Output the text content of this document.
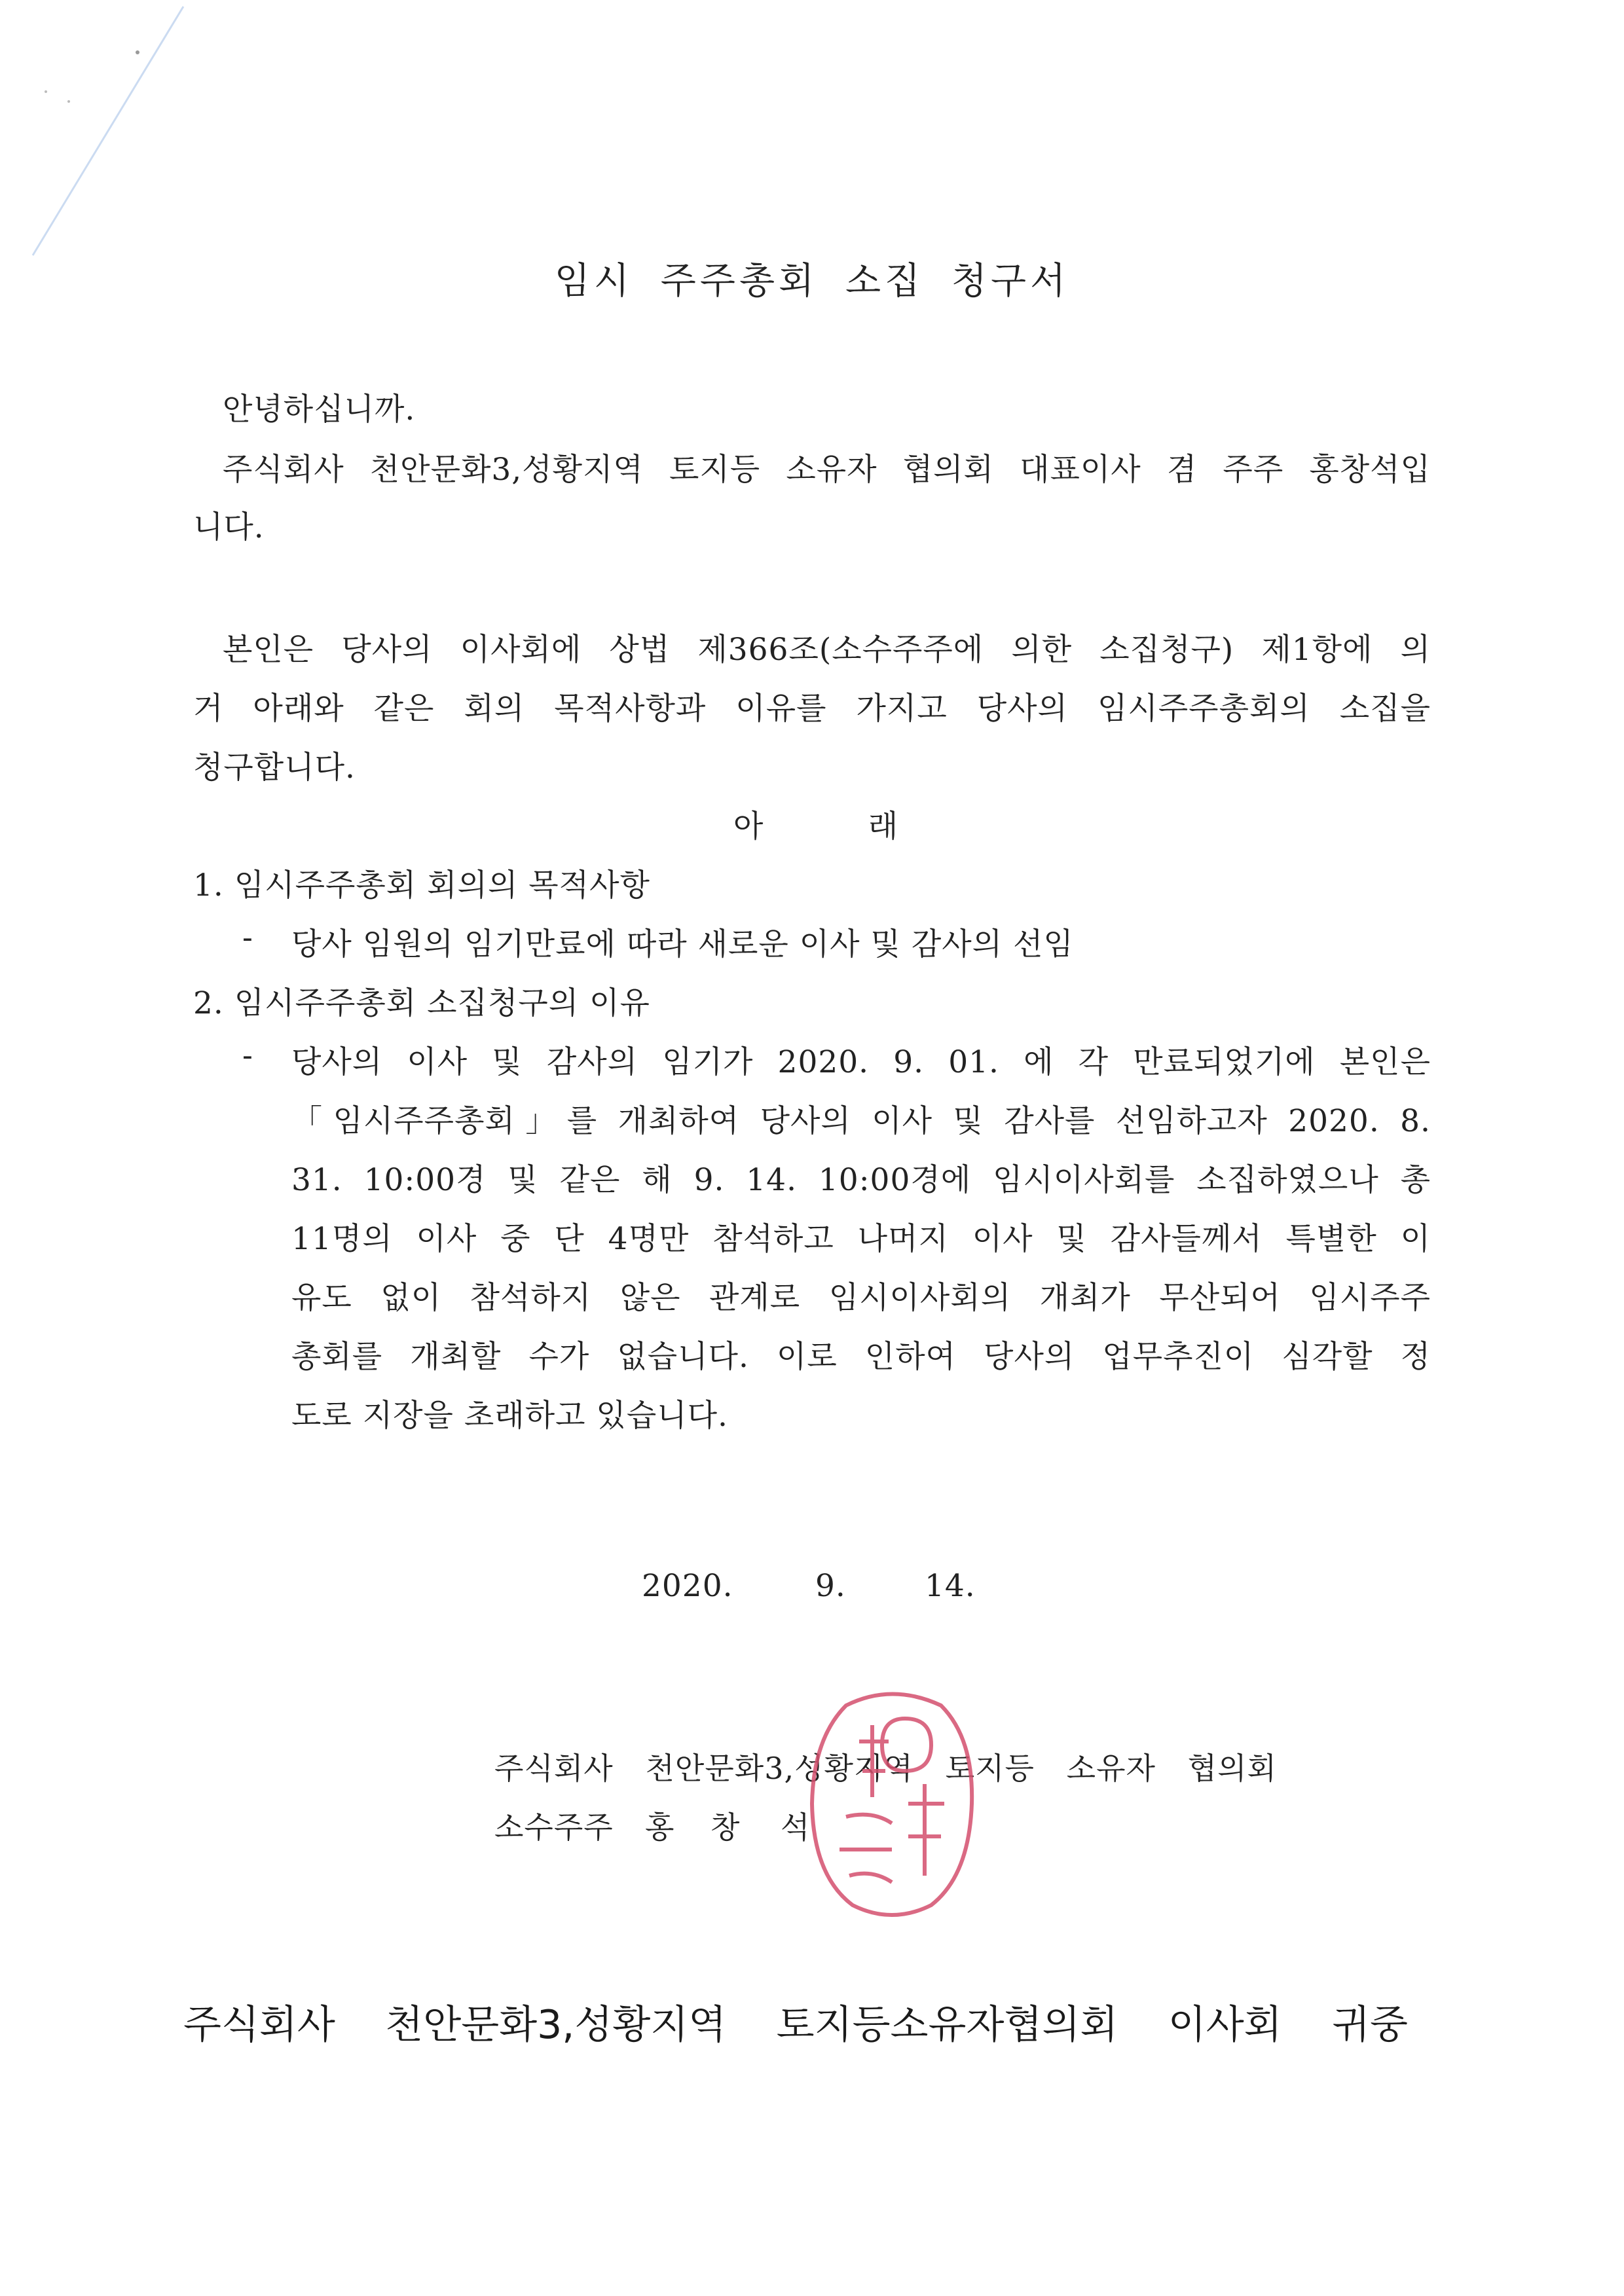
임시 주주총회 소집 청구서
안녕하십니까.
주식회사 천안문화3,성황지역 토지등 소유자 협의회 대표이사 겸 주주 홍창석입
니다.
본인은 당사의 이사회에 상법 제366조(소수주주에 의한 소집청구) 제1항에 의
거 아래와 같은 회의 목적사항과 이유를 가지고 당사의 임시주주총회의 소집을
청구합니다.
아          래
1. 임시주주총회 회의의 목적사항
- 당사 임원의 임기만료에 따라 새로운 이사 및 감사의 선임
2. 임시주주총회 소집청구의 이유
- 당사의 이사 및 감사의 임기가 2020. 9. 01. 에 각 만료되었기에 본인은
「임시주주총회」를 개최하여 당사의 이사 및 감사를 선임하고자 2020. 8.
31. 10:00경 및 같은 해 9. 14. 10:00경에 임시이사회를 소집하였으나 총
11명의 이사 중 단 4명만 참석하고 나머지 이사 및 감사들께서 특별한 이
유도 없이 참석하지 않은 관계로 임시이사회의 개최가 무산되어 임시주주
총회를 개최할 수가 없습니다. 이로 인하여 당사의 업무추진이 심각할 정
도로 지장을 초래하고 있습니다.
2020.	9.	14.
주식회사 천안문화3,성황지역 토지등 소유자 협의회
소수주주 홍 창 석
홍창석인
주식회사 천안문화3,성황지역 토지등소유자협의회 이사회 귀중
